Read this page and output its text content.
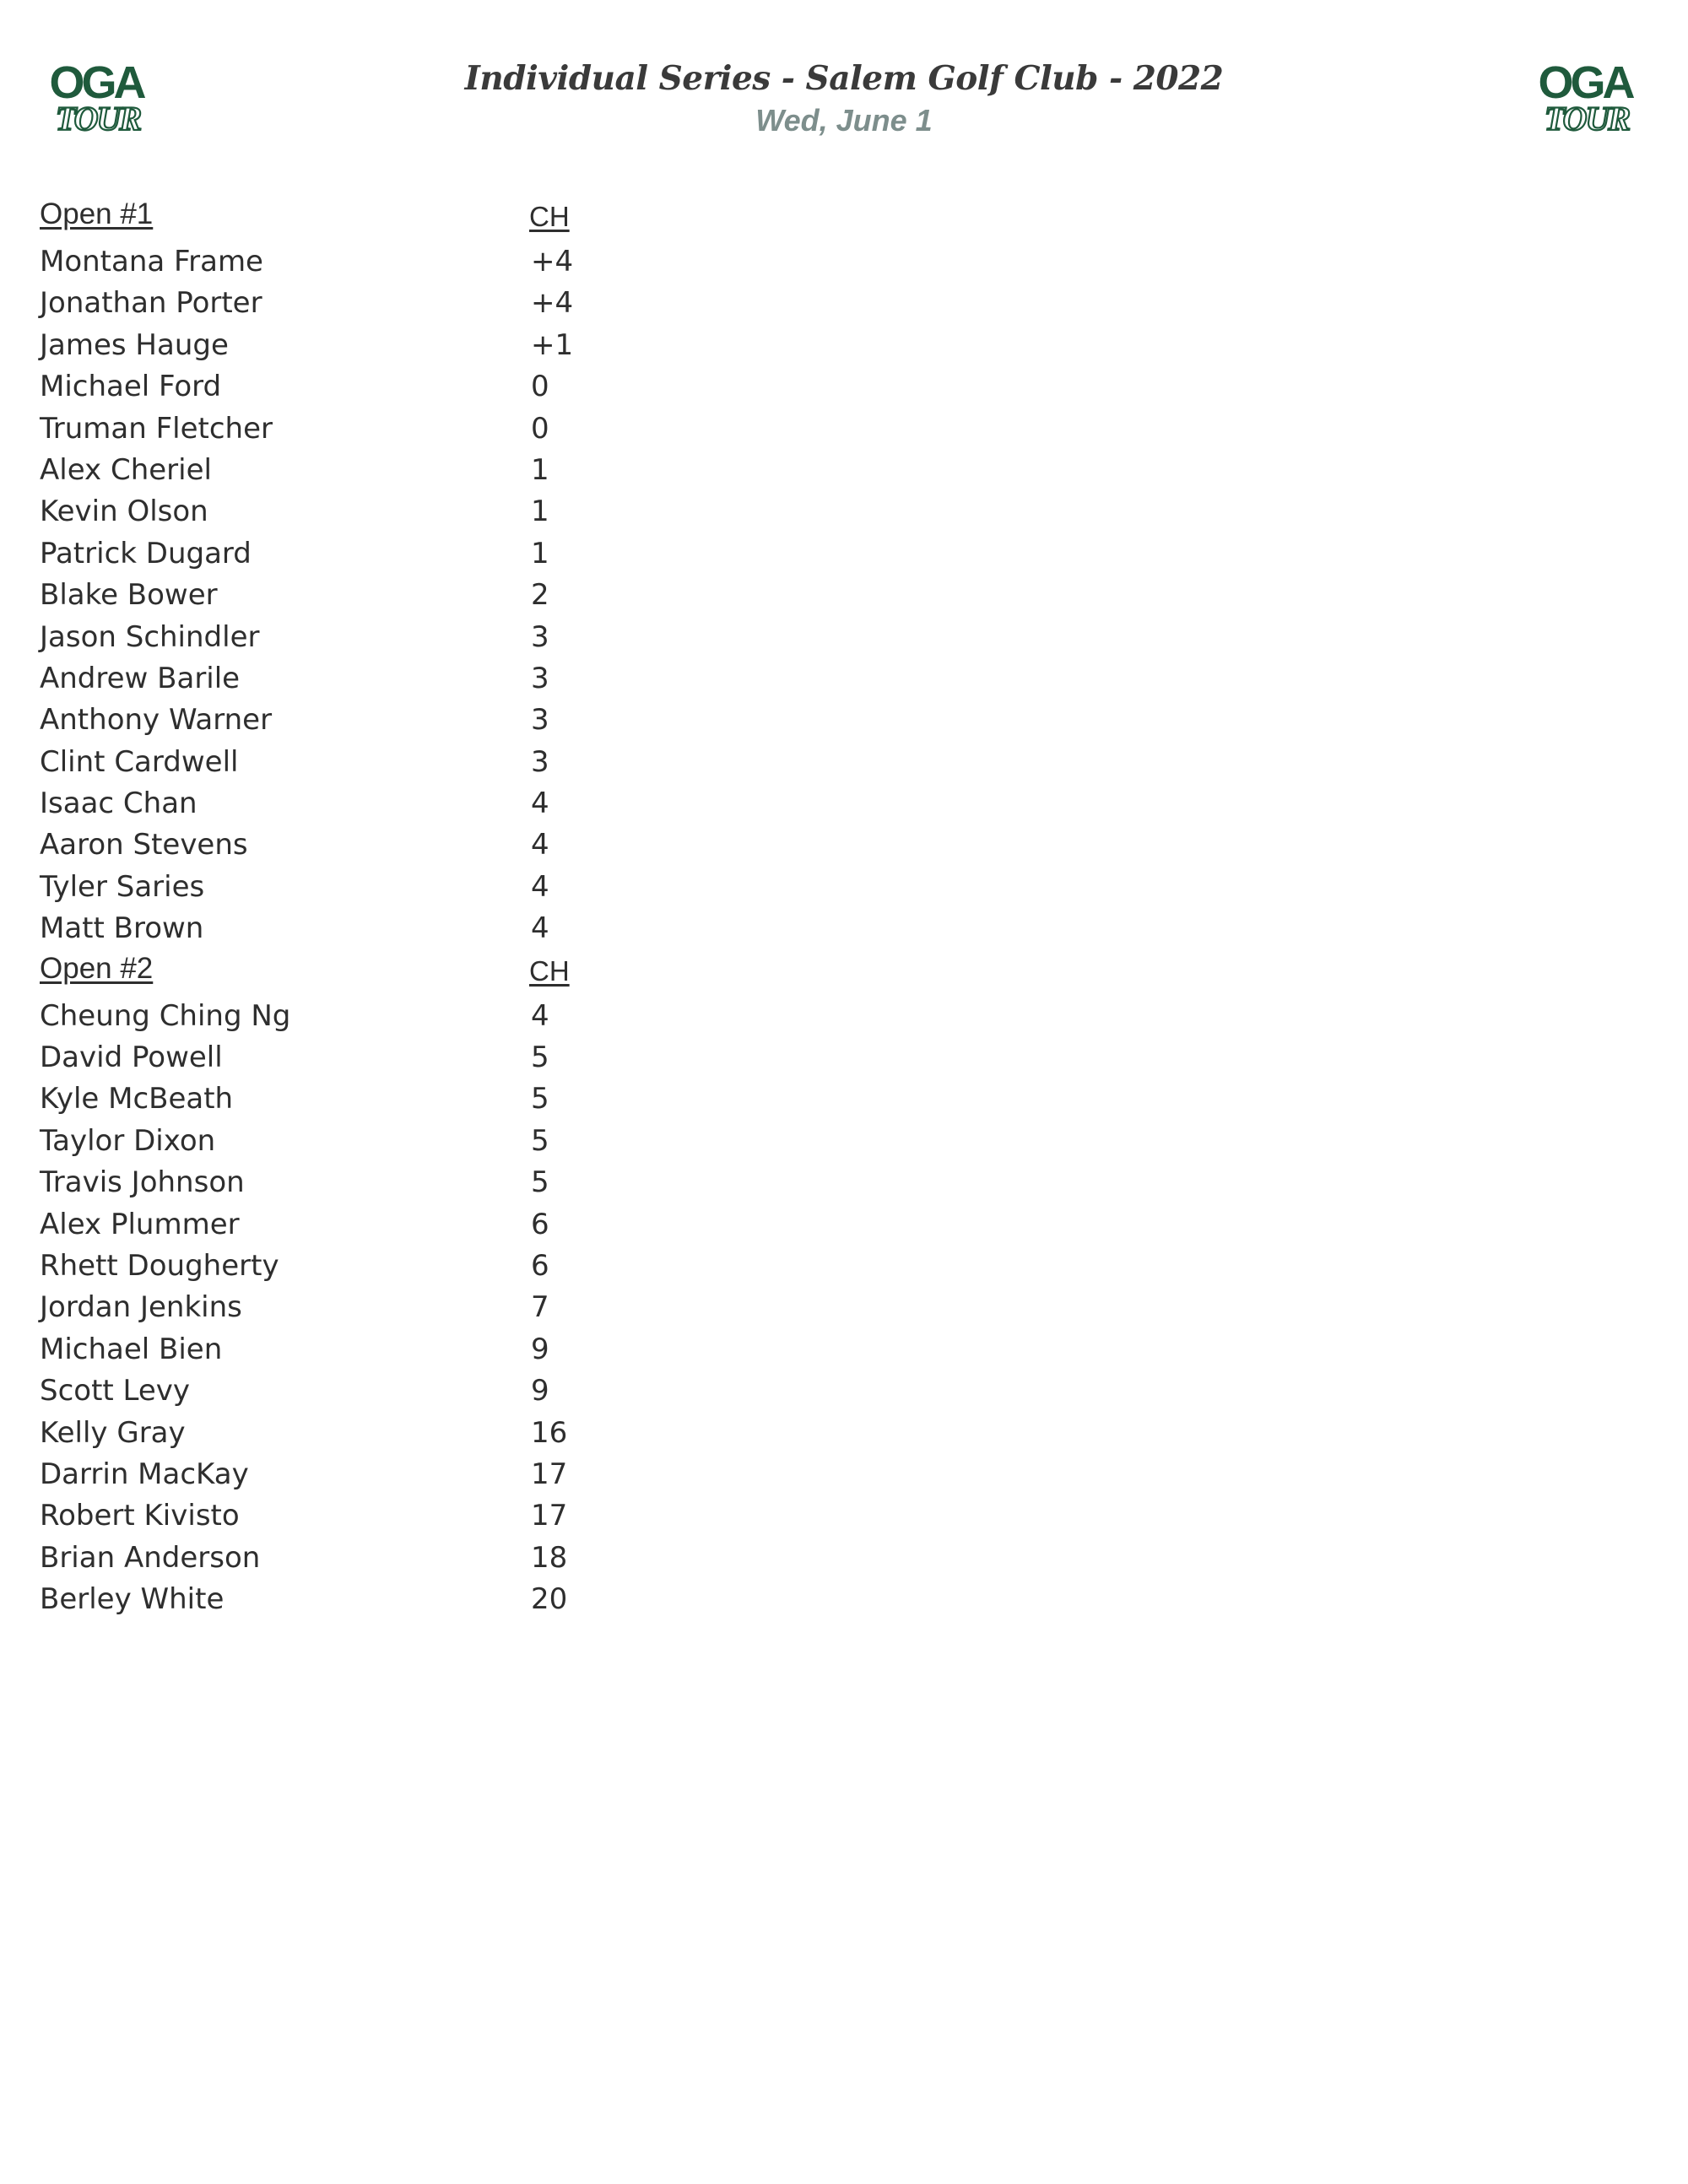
OGA
TOUR
Individual Series - Salem Golf Club - 2022
Wed, June 1
OGA
TOUR
Open #1	CH
Montana Frame	+4
Jonathan Porter	+4
James Hauge	+1
Michael Ford	0
Truman Fletcher	0
Alex Cheriel	1
Kevin Olson	1
Patrick Dugard	1
Blake Bower	2
Jason Schindler	3
Andrew Barile	3
Anthony Warner	3
Clint Cardwell	3
Isaac Chan	4
Aaron Stevens	4
Tyler Saries	4
Matt Brown	4
Open #2	CH
Cheung Ching Ng	4
David Powell	5
Kyle McBeath	5
Taylor Dixon	5
Travis Johnson	5
Alex Plummer	6
Rhett Dougherty	6
Jordan Jenkins	7
Michael Bien	9
Scott Levy	9
Kelly Gray	16
Darrin MacKay	17
Robert Kivisto	17
Brian Anderson	18
Berley White	20
